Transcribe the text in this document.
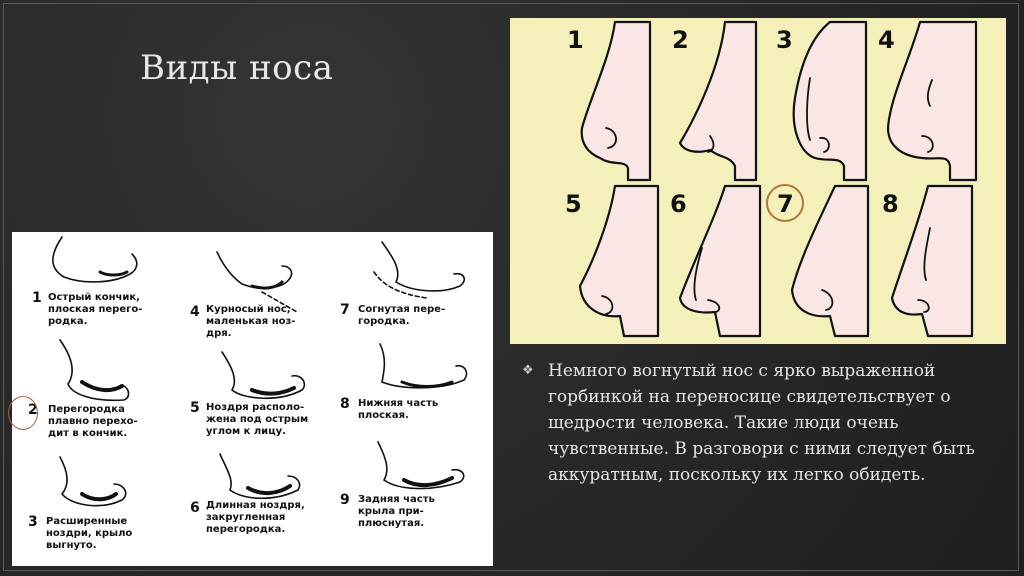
Виды носа
1 Острый кончик,
плоская перего-
родка.
2 Перегородка
плавно перехо-
дит в кончик.
3 Расширенные
ноздри, крыло
выгнуто.
4 Курносый нос,
маленькая ноз-
дря.
5 Ноздря располо-
жена под острым
углом к лицу.
6 Длинная ноздря,
закругленная
перегородка.
7 Согнутая пере-
городка.
8 Нижняя часть
плоская.
9 Задняя часть
крыла при-
плюснутая.
1	2	3	4
5	6	7	8
❖ Немного вогнутый нос с ярко выраженной горбинкой на переносице свидетельствует о щедрости человека. Такие люди очень чувственные. В разговори с ними следует быть аккуратным, поскольку их легко обидеть.
